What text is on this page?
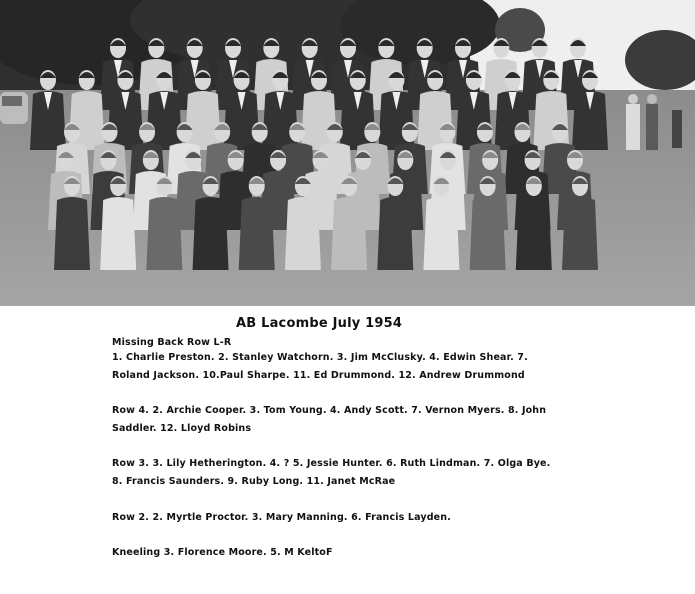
AB Lacombe July 1954
Missing Back Row L-R
1. Charlie Preston. 2. Stanley Watchorn. 3. Jim McClusky. 4. Edwin Shear. 7.
Roland Jackson. 10.Paul Sharpe. 11. Ed Drummond. 12. Andrew Drummond
Row 4. 2. Archie Cooper. 3. Tom Young. 4. Andy Scott. 7. Vernon Myers. 8. John
Saddler. 12. Lloyd Robins
Row 3. 3. Lily Hetherington. 4. ? 5. Jessie Hunter. 6. Ruth Lindman. 7. Olga Bye.
8. Francis Saunders. 9. Ruby Long. 11. Janet McRae
Row 2. 2. Myrtle Proctor. 3. Mary Manning. 6. Francis Layden.
Kneeling 3. Florence Moore. 5. M KeltoF
